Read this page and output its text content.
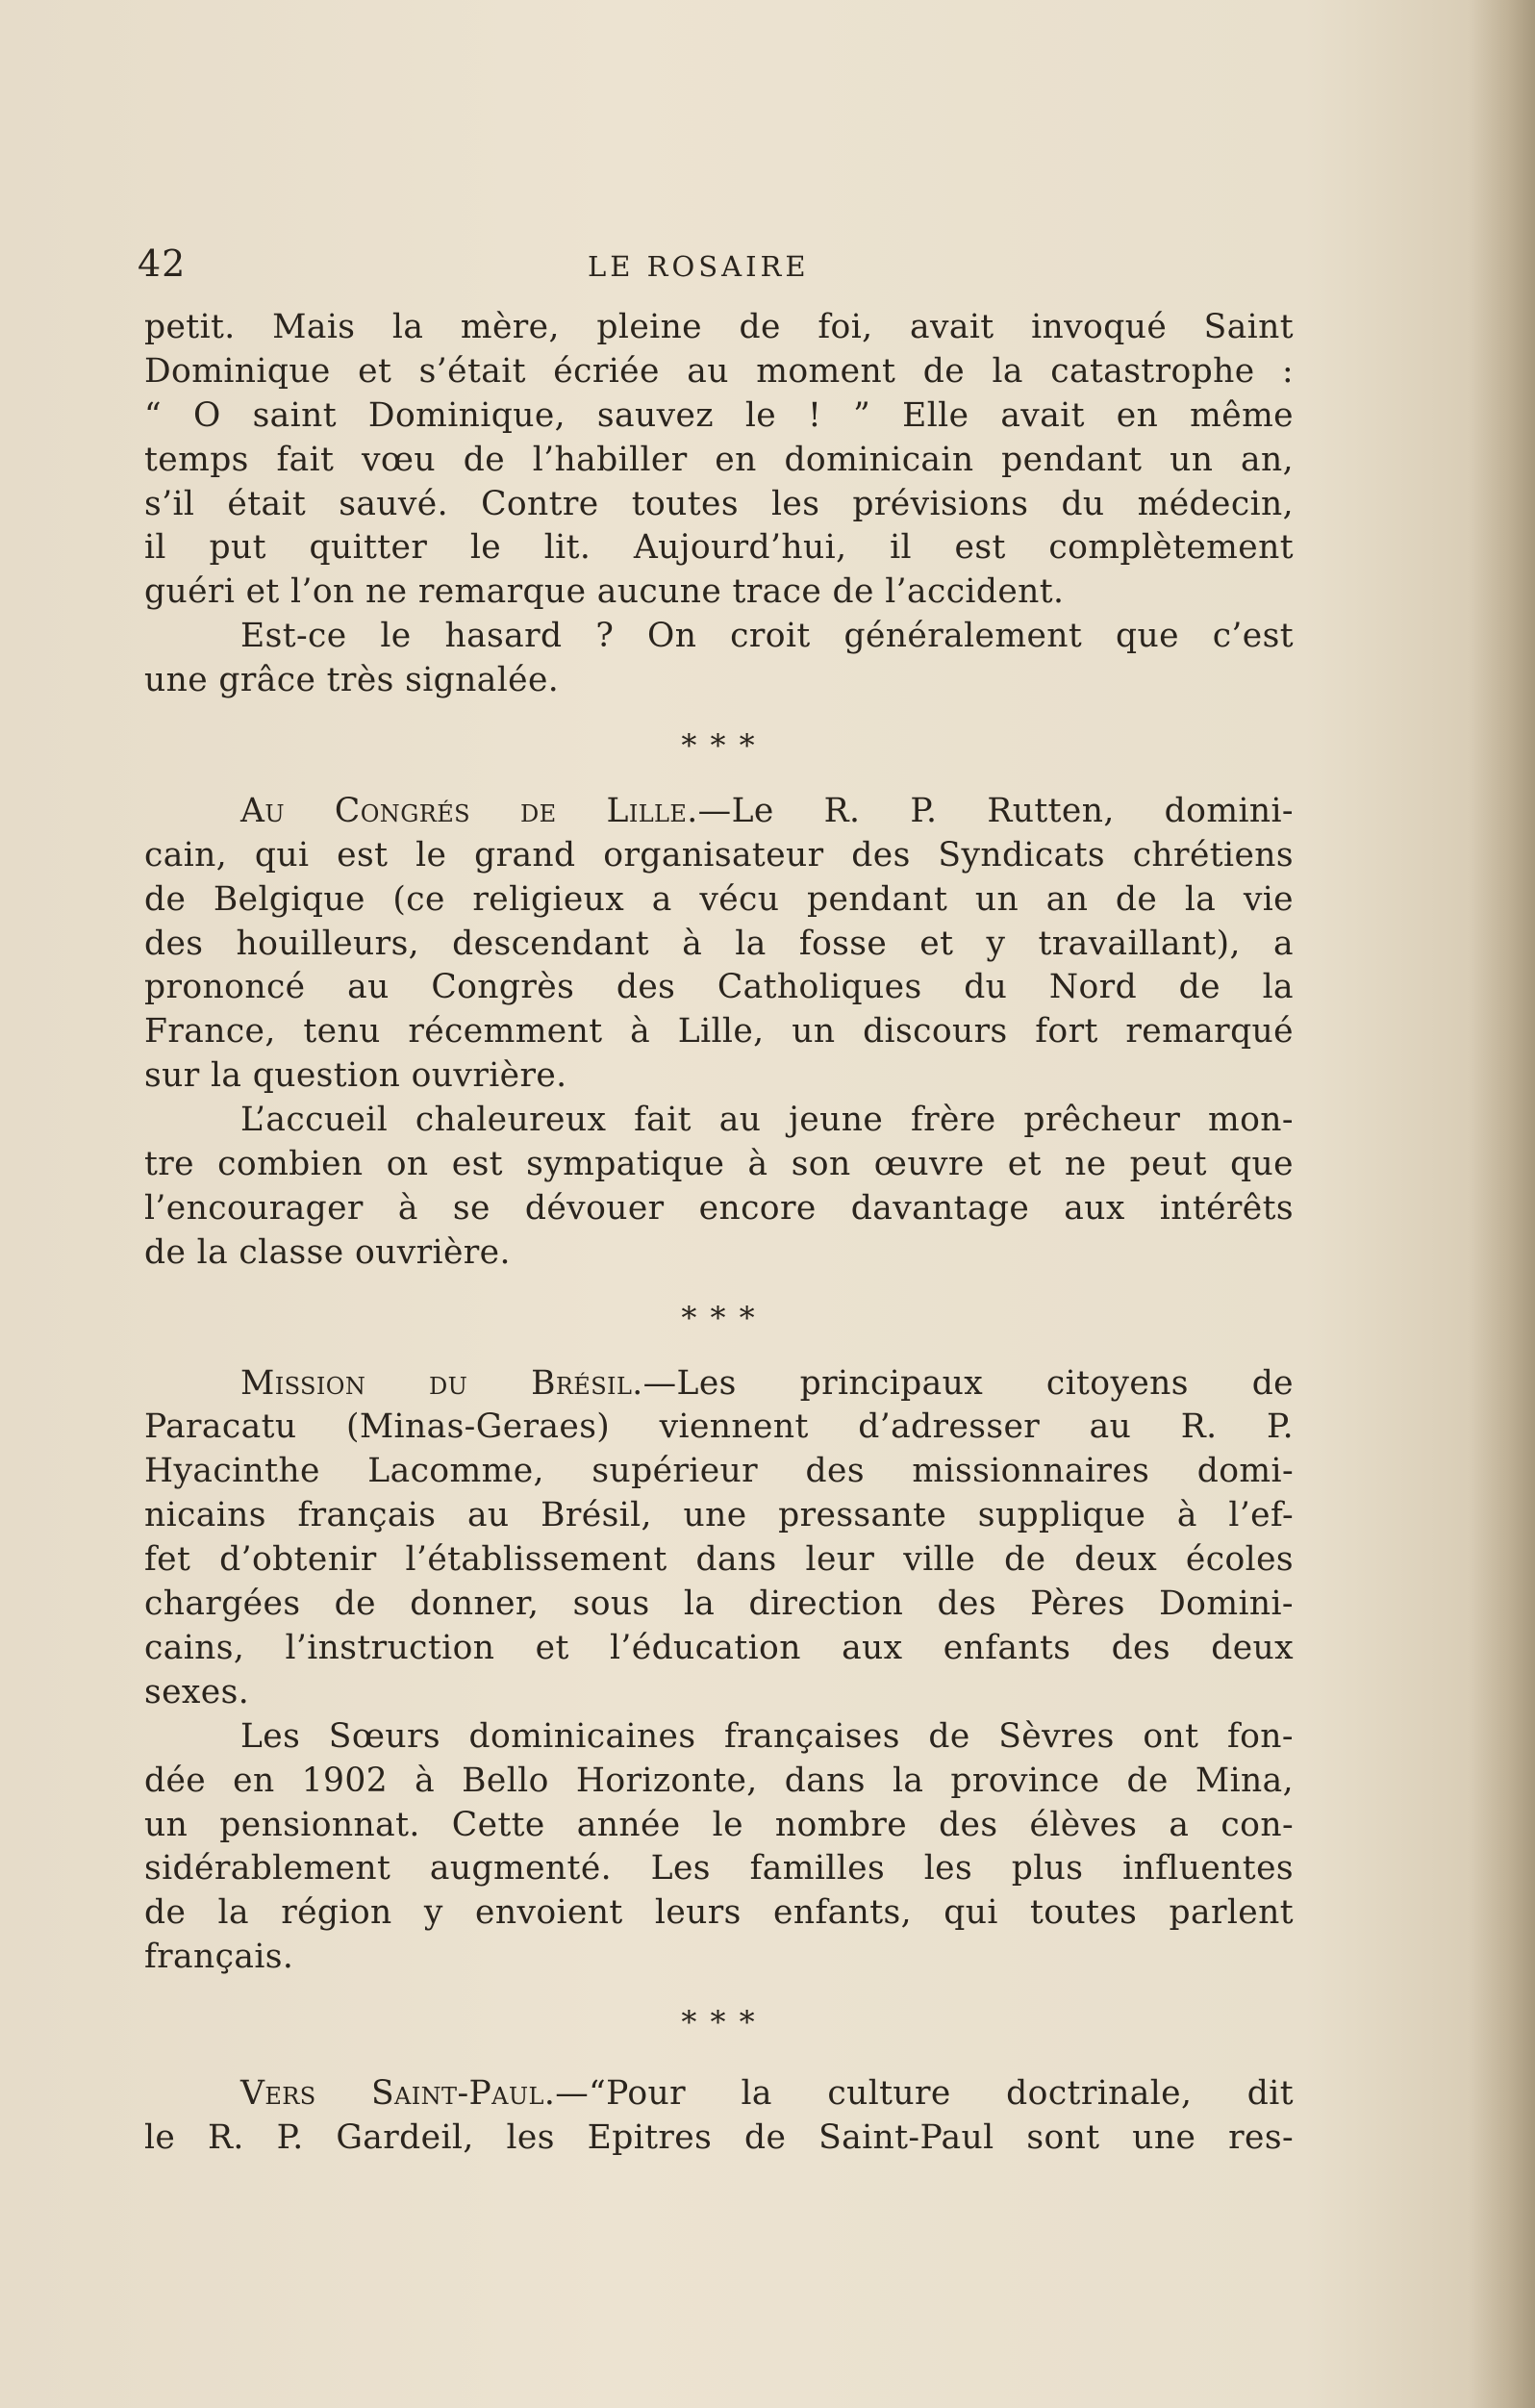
42	LE ROSAIRE
petit. Mais la mère, pleine de foi, avait invoqué Saint
Dominique et s’était écriée au moment de la catastrophe :
“ O saint Dominique, sauvez le ! ” Elle avait en même
temps fait vœu de l’habiller en dominicain pendant un an,
s’il était sauvé. Contre toutes les prévisions du médecin,
il put quitter le lit. Aujourd’hui, il est complètement
guéri et l’on ne remarque aucune trace de l’accident.
Est-ce le hasard ? On croit généralement que c’est
une grâce très signalée.
* * *
Au Congrés de Lille.—Le R. P. Rutten, domini-
cain, qui est le grand organisateur des Syndicats chrétiens
de Belgique (ce religieux a vécu pendant un an de la vie
des houilleurs, descendant à la fosse et y travaillant), a
prononcé au Congrès des Catholiques du Nord de la
France, tenu récemment à Lille, un discours fort remarqué
sur la question ouvrière.
L’accueil chaleureux fait au jeune frère prêcheur mon-
tre combien on est sympatique à son œuvre et ne peut que
l’encourager à se dévouer encore davantage aux intérêts
de la classe ouvrière.
* * *
Mission du Brésil.—Les principaux citoyens de
Paracatu (Minas-Geraes) viennent d’adresser au R. P.
Hyacinthe Lacomme, supérieur des missionnaires domi-
nicains français au Brésil, une pressante supplique à l’ef-
fet d’obtenir l’établissement dans leur ville de deux écoles
chargées de donner, sous la direction des Pères Domini-
cains, l’instruction et l’éducation aux enfants des deux
sexes.
Les Sœurs dominicaines françaises de Sèvres ont fon-
dée en 1902 à Bello Horizonte, dans la province de Mina,
un pensionnat. Cette année le nombre des élèves a con-
sidérablement augmenté. Les familles les plus influentes
de la région y envoient leurs enfants, qui toutes parlent
français.
* * *
Vers Saint-Paul.—“Pour la culture doctrinale, dit
le R. P. Gardeil, les Epitres de Saint-Paul sont une res-
